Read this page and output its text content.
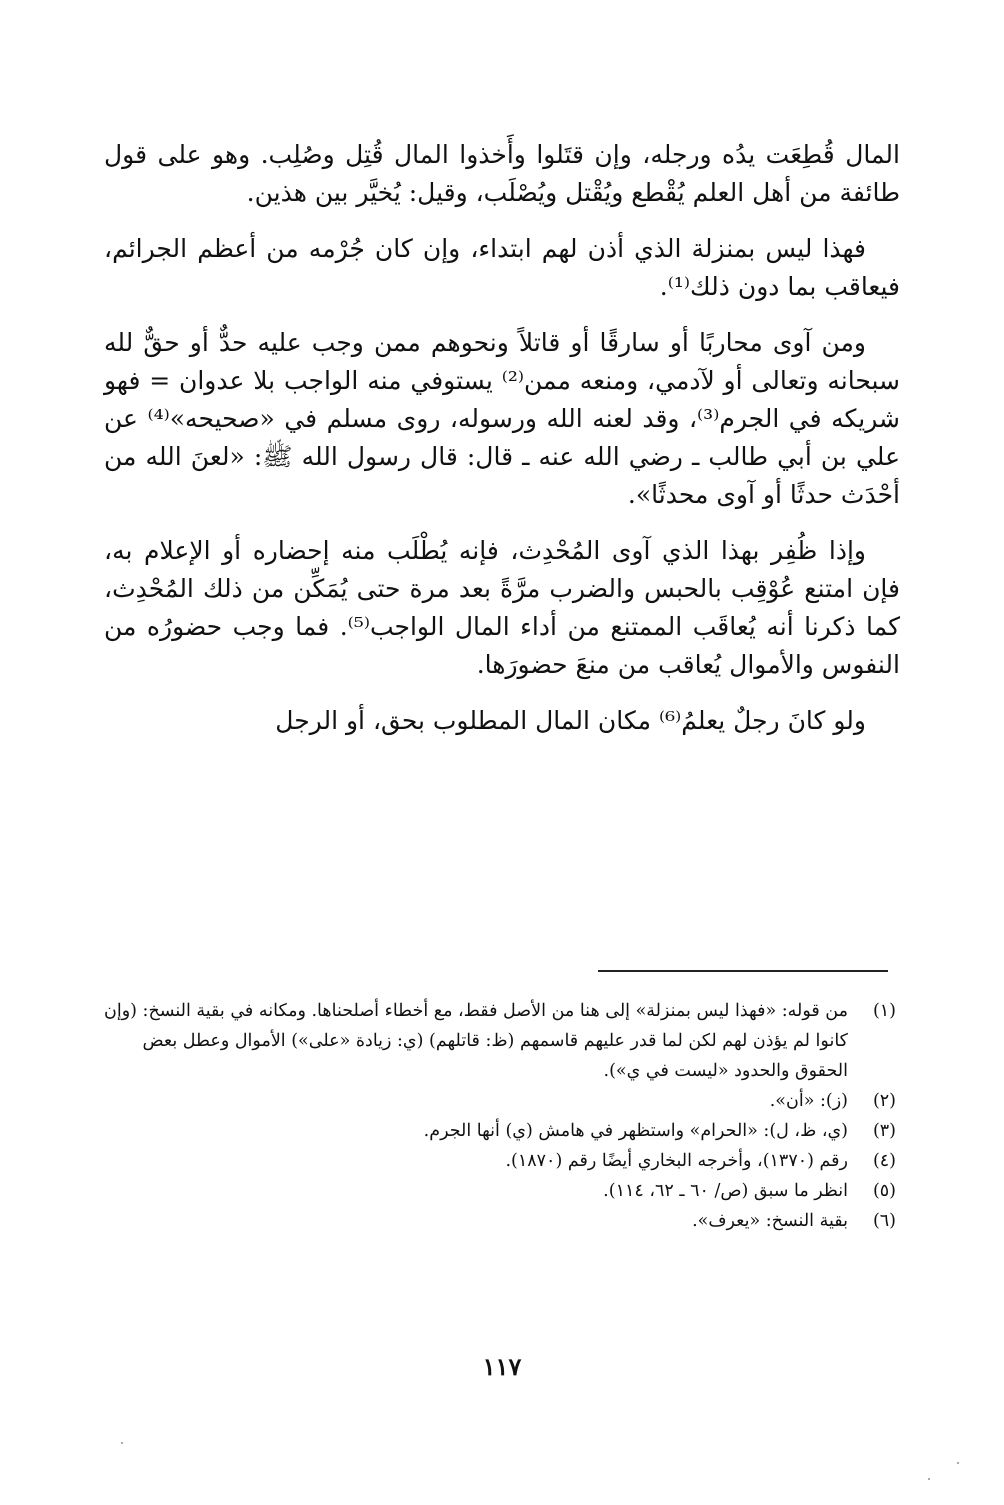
المال قُطِعَت يدُه ورجله، وإن قتَلوا وأَخذوا المال قُتِل وصُلِب. وهو على قول طائفة من أهل العلم يُقْطع ويُقْتل ويُصْلَب، وقيل: يُخيَّر بين هذين.

فهذا ليس بمنزلة الذي أذن لهم ابتداء، وإن كان جُرْمه من أعظم الجرائم، فيعاقب بما دون ذلك⁽¹⁾.

ومن آوى محاربًا أو سارقًا أو قاتلاً ونحوهم ممن وجب عليه حدٌّ أو حقٌّ لله سبحانه وتعالى أو لآدمي، ومنعه ممن⁽²⁾ يستوفي منه الواجب بلا عدوان = فهو شريكه في الجرم⁽³⁾، وقد لعنه الله ورسوله، روى مسلم في «صحيحه»⁽⁴⁾ عن علي بن أبي طالب ـ رضي الله عنه ـ قال: قال رسول الله ﷺ: «لعنَ الله من أحْدَث حدثًا أو آوى محدثًا».

وإذا ظُفِر بهذا الذي آوى المُحْدِث، فإنه يُطْلَب منه إحضاره أو الإعلام به، فإن امتنع عُوْقِب بالحبس والضرب مرَّةً بعد مرة حتى يُمَكِّن من ذلك المُحْدِث، كما ذكرنا أنه يُعاقَب الممتنع من أداء المال الواجب⁽⁵⁾. فما وجب حضورُه من النفوس والأموال يُعاقب من منعَ حضورَها.

ولو كانَ رجلٌ يعلمُ⁽⁶⁾ مكان المال المطلوب بحق، أو الرجل

(١)
من قوله: «فهذا ليس بمنزلة» إلى هنا من الأصل فقط، مع أخطاء أصلحناها. ومكانه في بقية النسخ: (وإن كانوا لم يؤذن لهم لكن لما قدر عليهم قاسمهم (ظ: قاتلهم) (ي: زيادة «على») الأموال وعطل بعض الحقوق والحدود «ليست في ي»).
(٢)
(ز): «أن».
(٣)
(ي، ظ، ل): «الحرام» واستظهر في هامش (ي) أنها الجرم.
(٤)
رقم (١٣٧٠)، وأخرجه البخاري أيضًا رقم (١٨٧٠).
(٥)
انظر ما سبق (ص/ ٦٠ ـ ٦٢، ١١٤).
(٦)
بقية النسخ: «يعرف».
١١٧
